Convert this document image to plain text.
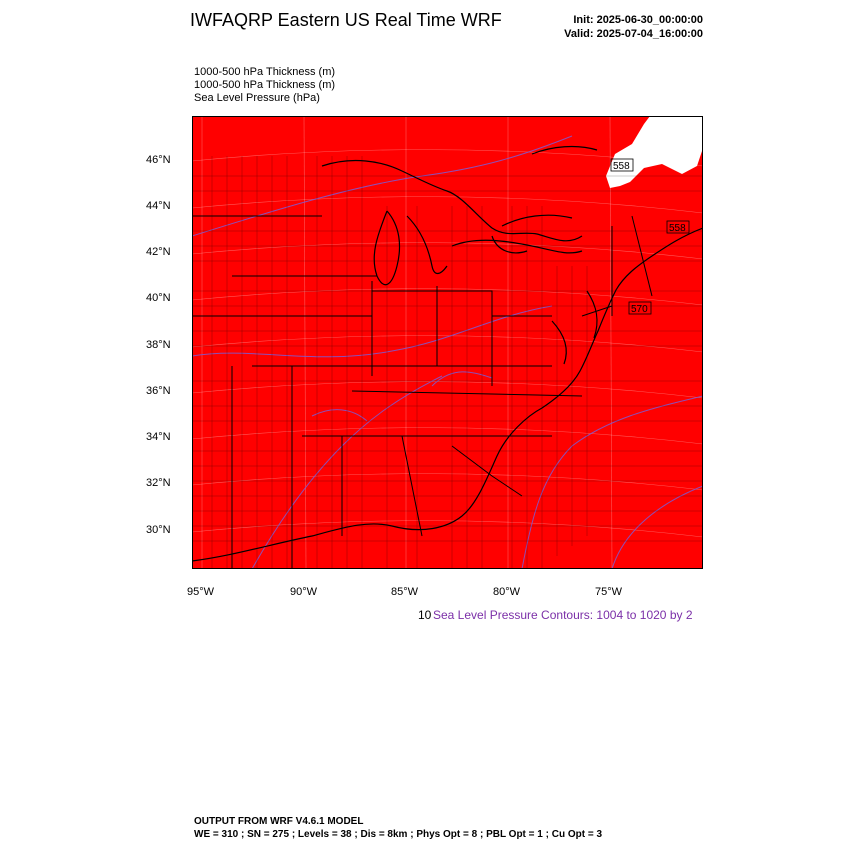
IWFAQRP Eastern US Real Time WRF	Init: 2025-06-30_00:00:00
Valid: 2025-07-04_16:00:00
1000-500 hPa Thickness (m)
1000-500 hPa Thickness (m)
Sea Level Pressure (hPa)
46°N
44°N
42°N
40°N
38°N
36°N
34°N
32°N
30°N
95°W	90°W	85°W	80°W	75°W
558
558
570
10 Sea Level Pressure Contours: 1004 to 1020 by 2
OUTPUT FROM WRF V4.6.1 MODEL
WE = 310 ; SN = 275 ; Levels = 38 ; Dis = 8km ; Phys Opt = 8 ; PBL Opt = 1 ; Cu Opt = 3
